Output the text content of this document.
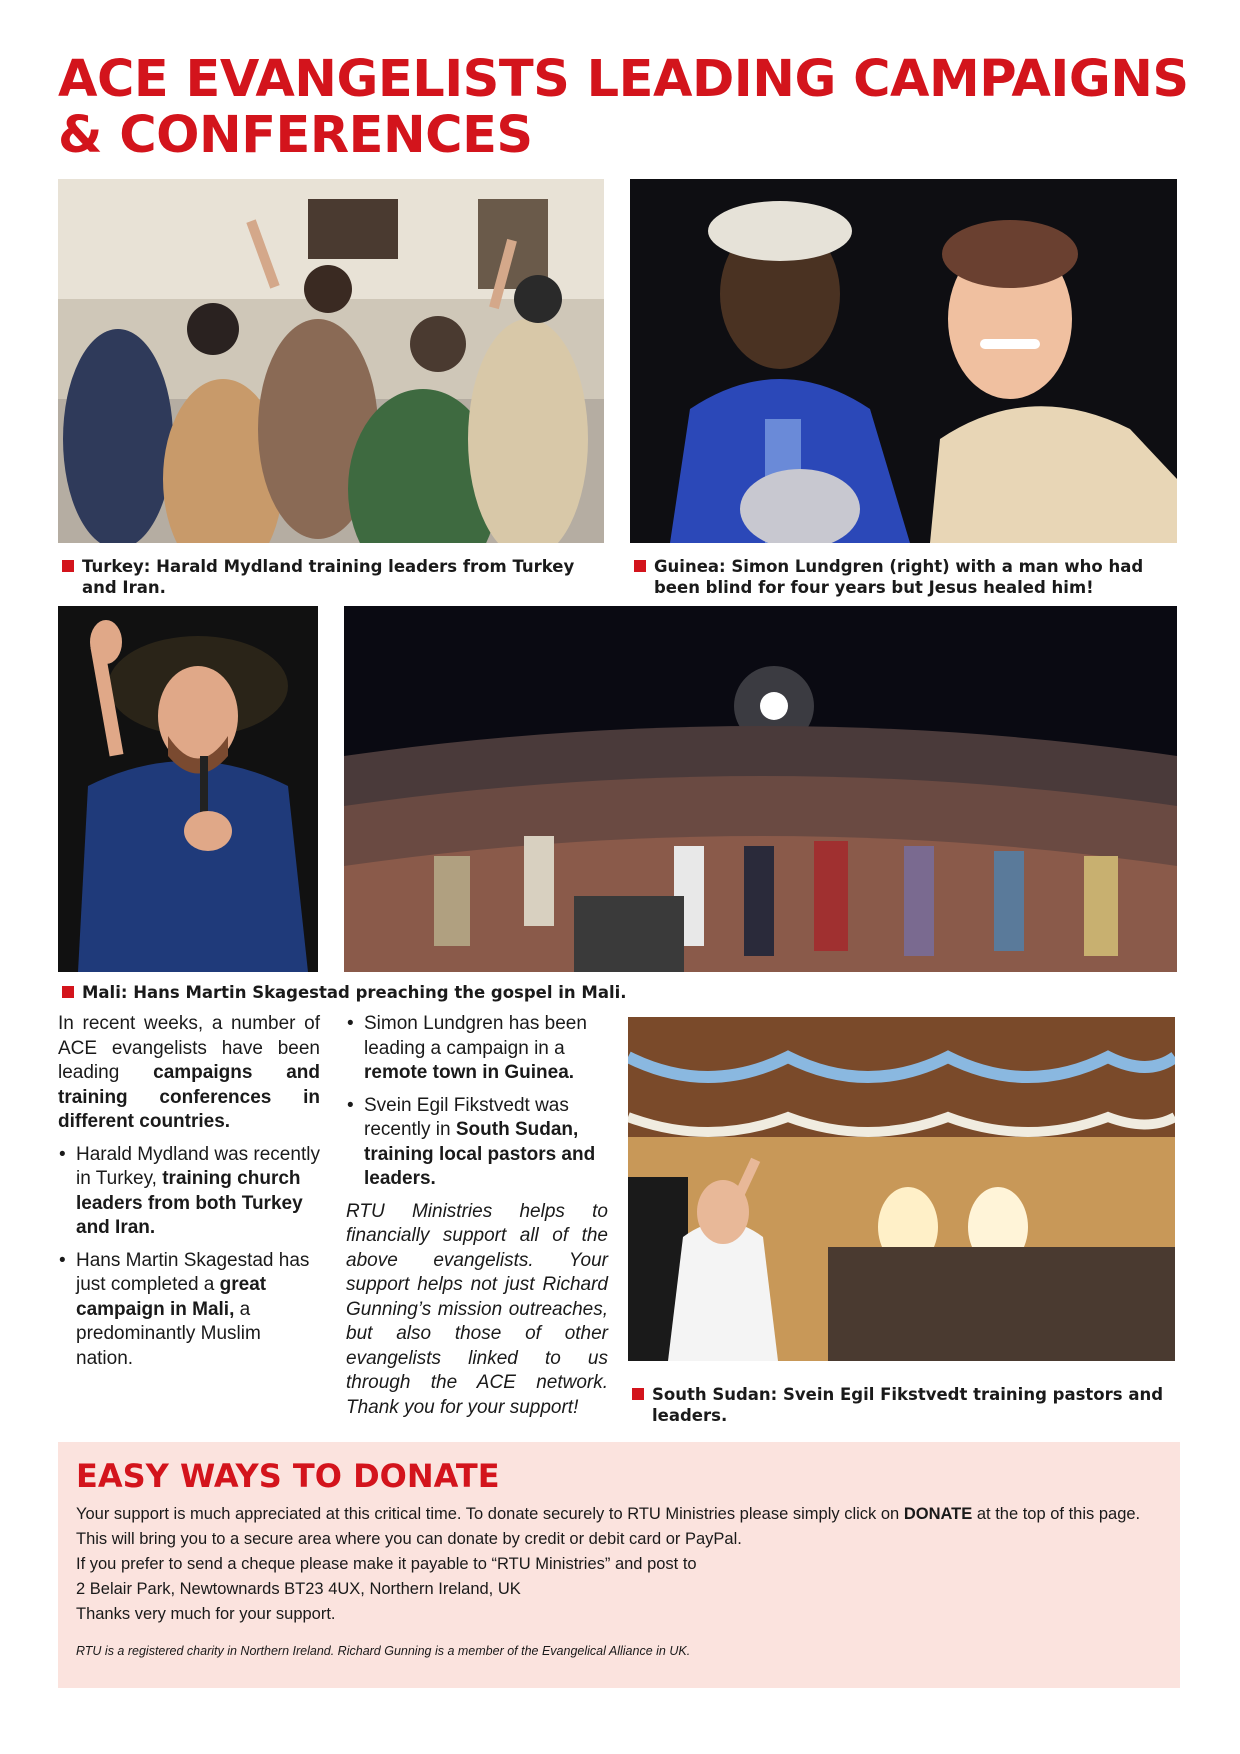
ACE EVANGELISTS LEADING CAMPAIGNS
& CONFERENCES
Turkey: Harald Mydland training leaders from Turkey and Iran.
Guinea: Simon Lundgren (right) with a man who had been blind for four years but Jesus healed him!
Mali: Hans Martin Skagestad preaching the gospel in Mali.

In recent weeks, a number of ACE evangelists have been leading campaigns and training conferences in different countries.

• Harald Mydland was recently in Turkey, training church leaders from both Turkey and Iran.
• Hans Martin Skagestad has just completed a great campaign in Mali, a predominantly Muslim nation.
• Simon Lundgren has been leading a campaign in a remote town in Guinea.
• Svein Egil Fikstvedt was recently in South Sudan, training local pastors and leaders.

RTU Ministries helps to financially support all of the above evangelists. Your support helps not just Richard Gunning’s mission outreaches, but also those of other evangelists linked to us through the ACE network. Thank you for your support!

South Sudan: Svein Egil Fikstvedt training pastors and leaders.
EASY WAYS TO DONATE

Your support is much appreciated at this critical time. To donate securely to RTU Ministries please simply click on DONATE at the top of this page. This will bring you to a secure area where you can donate by credit or debit card or PayPal.

If you prefer to send a cheque please make it payable to “RTU Ministries” and post to

2 Belair Park, Newtownards BT23 4UX, Northern Ireland, UK

Thanks very much for your support.

RTU is a registered charity in Northern Ireland. Richard Gunning is a member of the Evangelical Alliance in UK.
